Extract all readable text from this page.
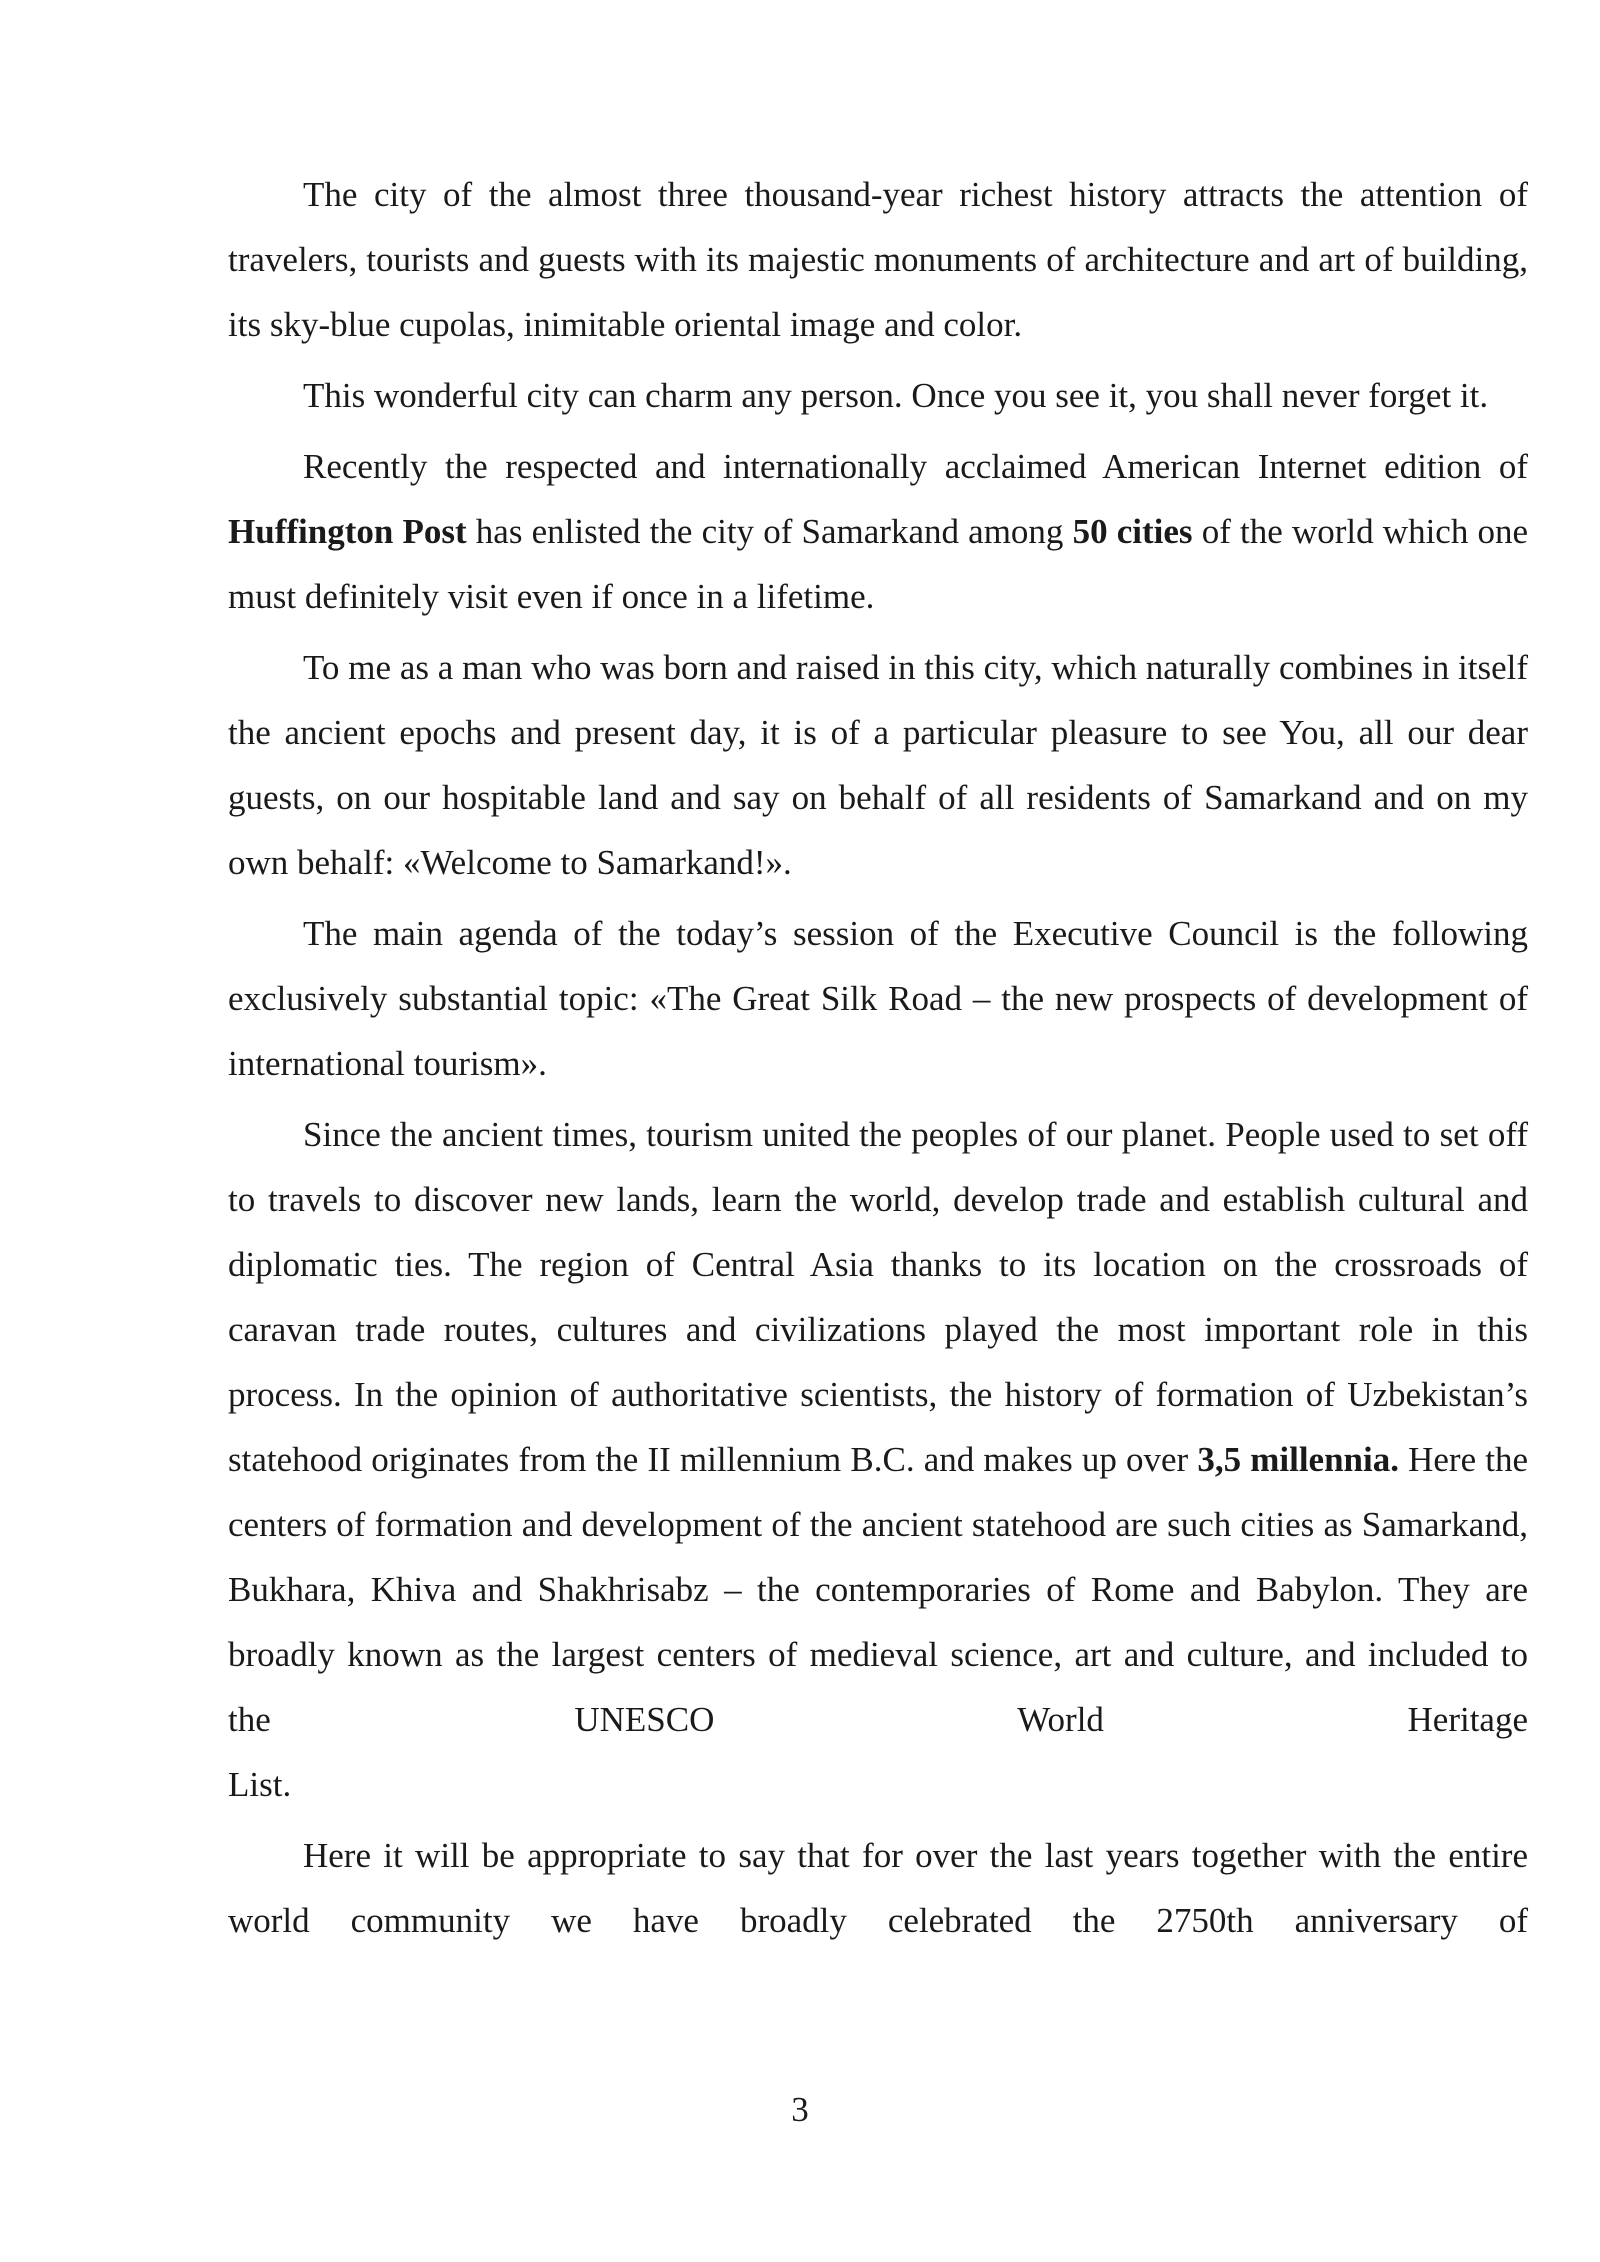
The city of the almost three thousand-year richest history attracts the attention of travelers, tourists and guests with its majestic monuments of architecture and art of building, its sky-blue cupolas, inimitable oriental image and color.

This wonderful city can charm any person. Once you see it, you shall never forget it.

Recently the respected and internationally acclaimed American Internet edition of Huffington Post has enlisted the city of Samarkand among 50 cities of the world which one must definitely visit even if once in a lifetime.

To me as a man who was born and raised in this city, which naturally combines in itself the ancient epochs and present day, it is of a particular pleasure to see You, all our dear guests, on our hospitable land and say on behalf of all residents of Samarkand and on my own behalf: «Welcome to Samarkand!».

The main agenda of the today’s session of the Executive Council is the following exclusively substantial topic: «The Great Silk Road – the new prospects of development of international tourism».

Since the ancient times, tourism united the peoples of our planet. People used to set off to travels to discover new lands, learn the world, develop trade and establish cultural and diplomatic ties. The region of Central Asia thanks to its location on the crossroads of caravan trade routes, cultures and civilizations played the most important role in this process. In the opinion of authoritative scientists, the history of formation of Uzbekistan’s statehood originates from the II millennium B.C. and makes up over 3,5 millennia. Here the centers of formation and development of the ancient statehood are such cities as Samarkand, Bukhara, Khiva and Shakhrisabz – the contemporaries of Rome and Babylon. They are broadly known as the largest centers of medieval science, art and culture, and included to the UNESCO World Heritage

List.

Here it will be appropriate to say that for over the last years together with the entire world community we have broadly celebrated the 2750th anniversary of

3
